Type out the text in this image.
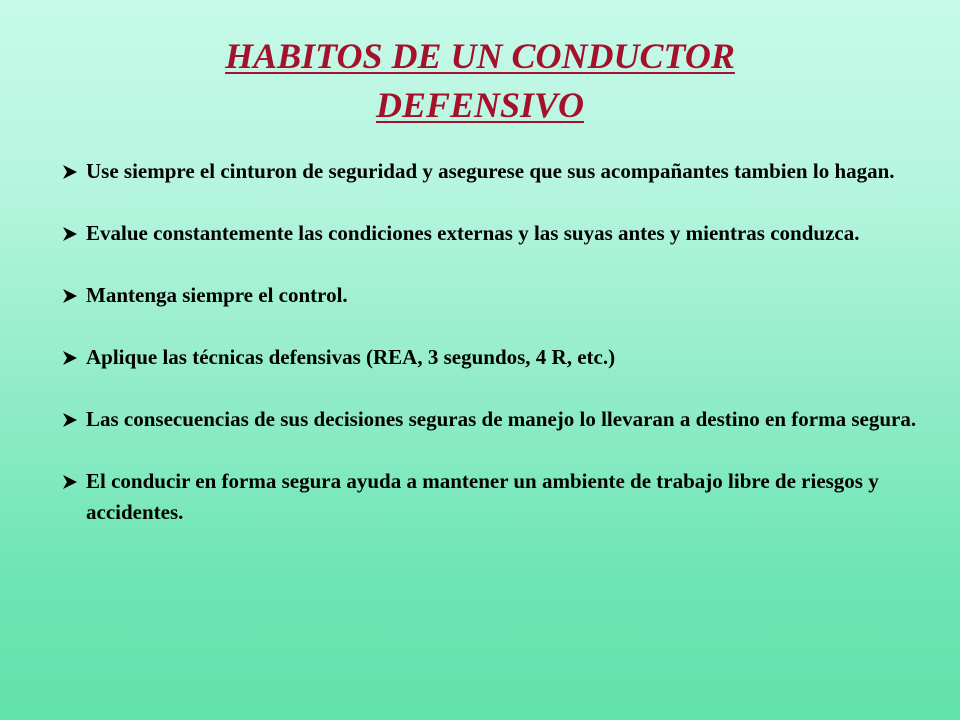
HABITOS DE UN CONDUCTOR
DEFENSIVO
Use siempre el cinturon de seguridad y asegurese que sus acompañantes tambien lo hagan.
Evalue constantemente las condiciones externas y las suyas antes y mientras conduzca.
Mantenga siempre el control.
Aplique las técnicas defensivas (REA, 3 segundos, 4 R, etc.)
Las consecuencias de sus decisiones seguras de manejo lo llevaran a destino en forma segura.
El conducir en forma segura ayuda a mantener un ambiente de trabajo libre de riesgos y accidentes.
